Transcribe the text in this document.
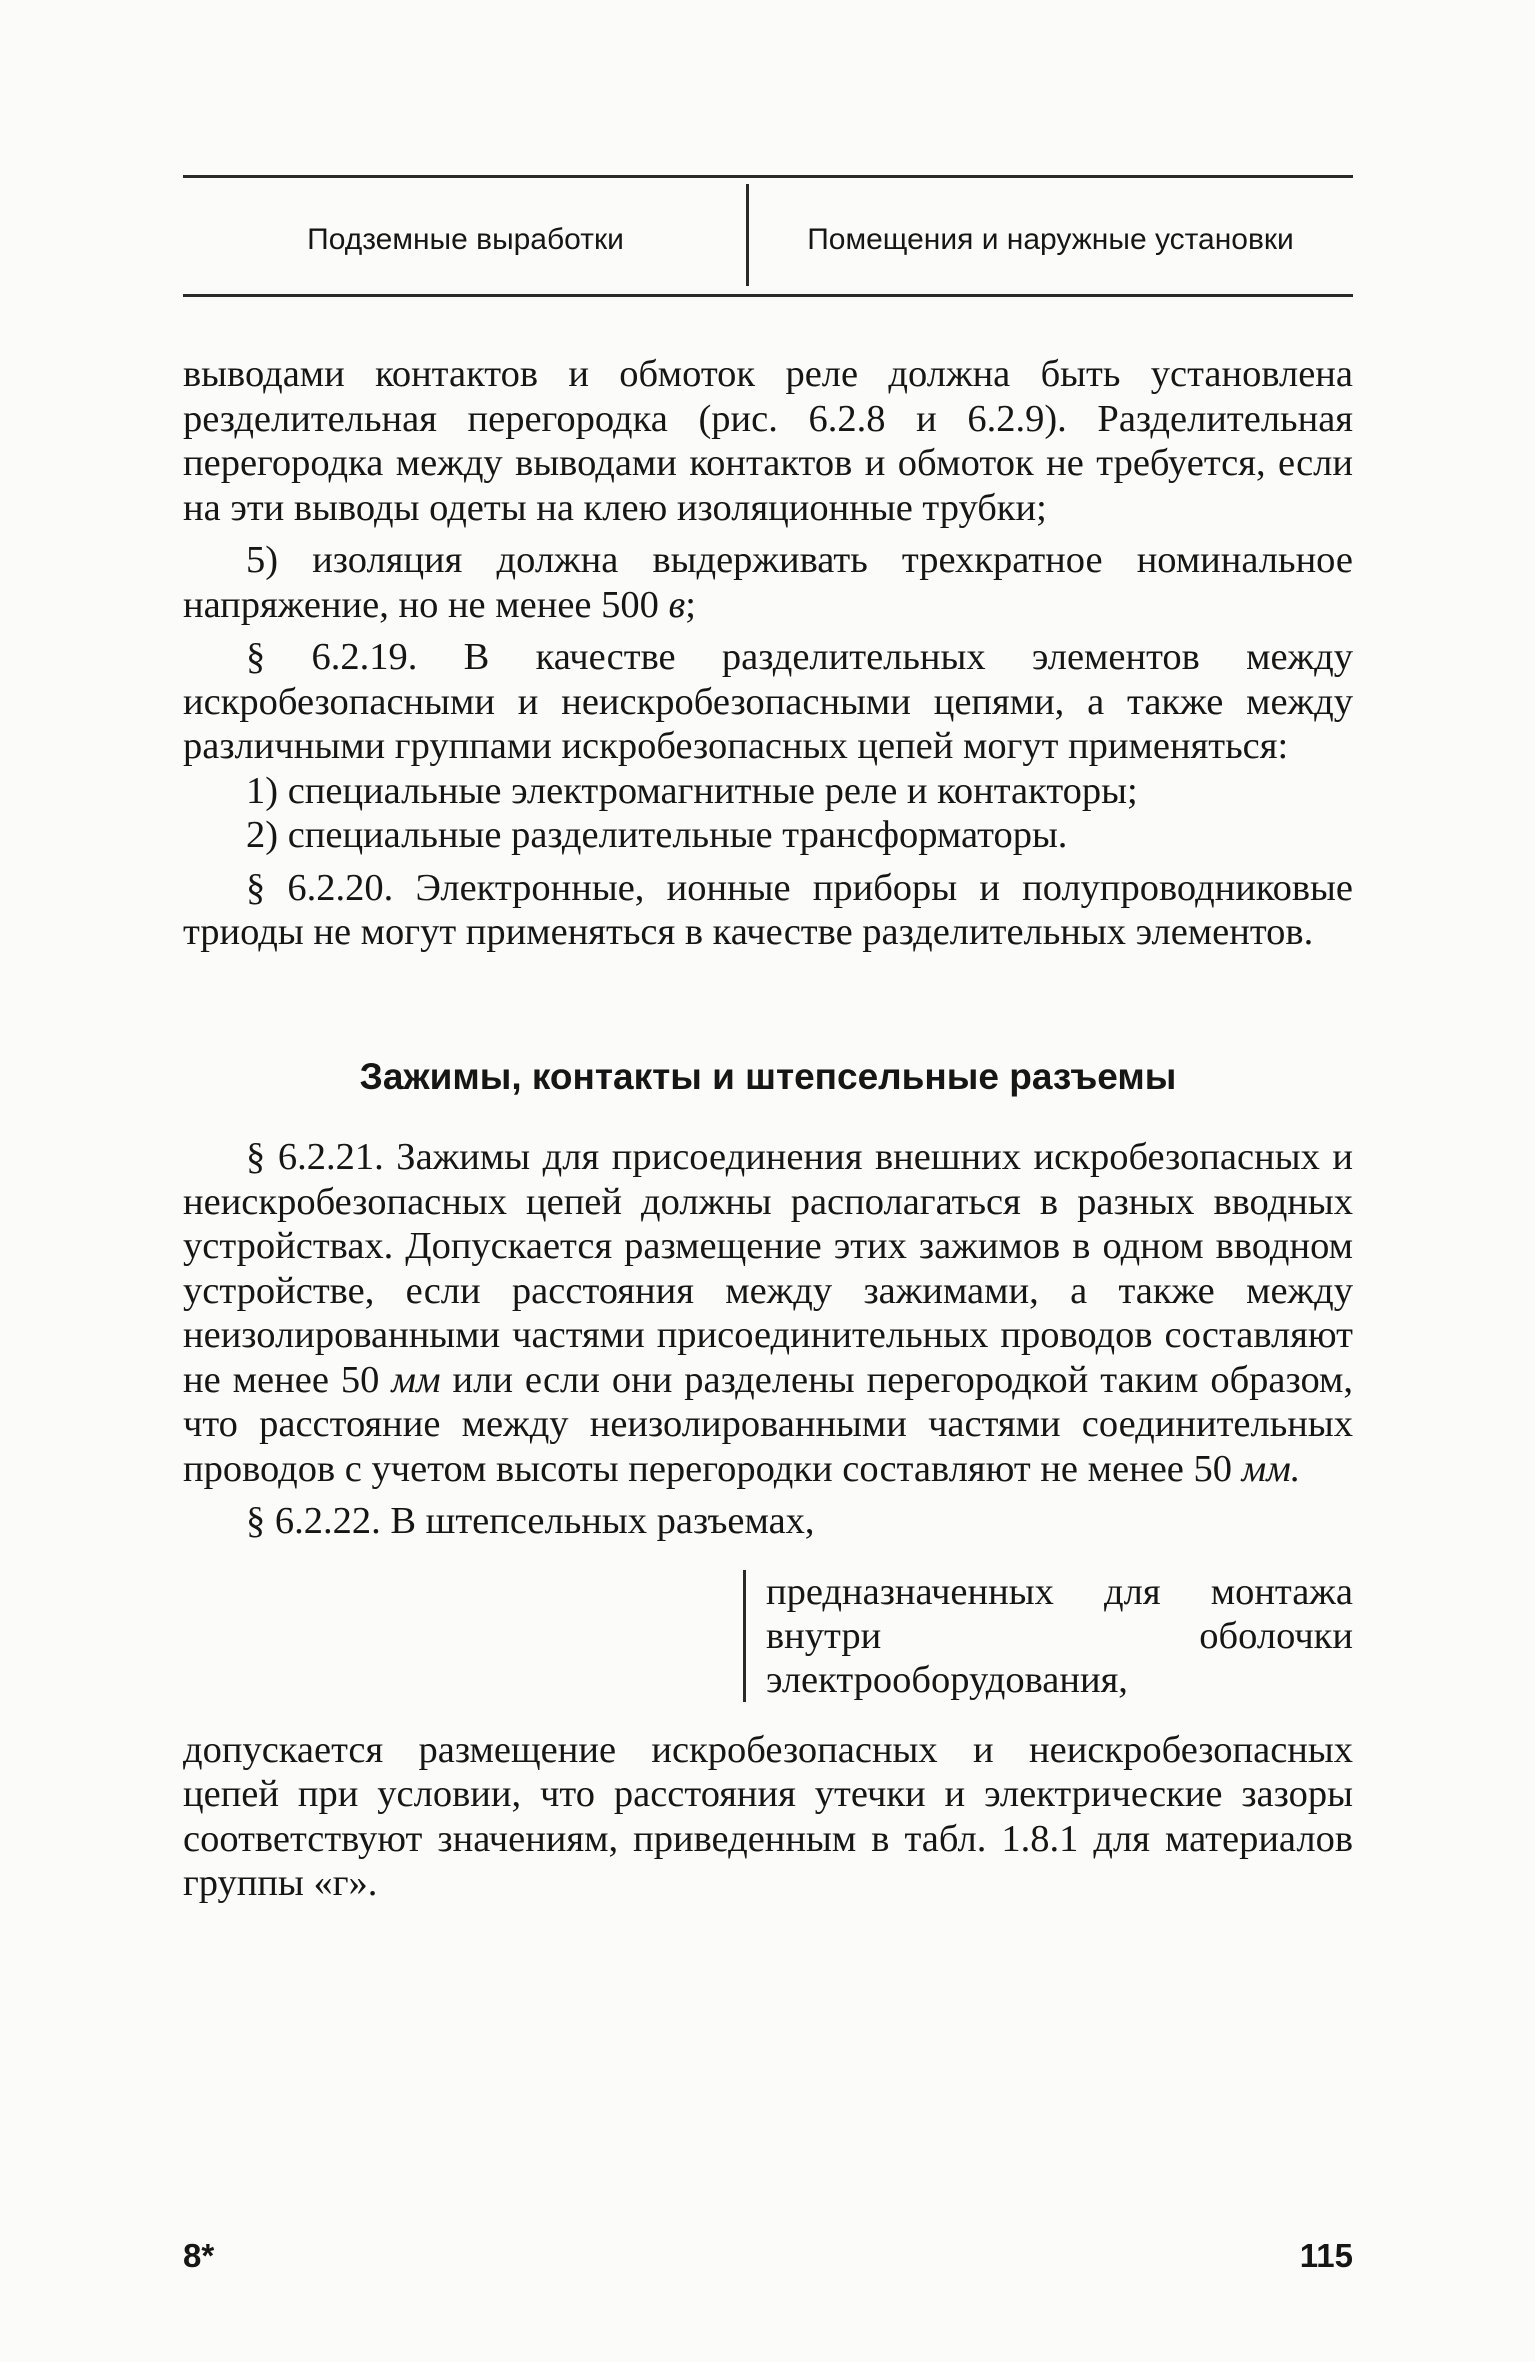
Подземные выработки	Помещения и наружные установки

выводами контактов и обмоток реле должна быть установлена резделительная перегородка (рис. 6.2.8 и 6.2.9). Разделительная перегородка между выводами контактов и обмоток не требуется, если на эти выводы одеты на клею изоляционные трубки;

5) изоляция должна выдерживать трехкратное номинальное напряжение, но не менее 500 в;

§ 6.2.19. В качестве разделительных элементов между искробезопасными и неискробезопасными цепями, а также между различными группами искробезопасных цепей могут применяться:

1) специальные электромагнитные реле и контакторы;

2) специальные разделительные трансформаторы.

§ 6.2.20. Электронные, ионные приборы и полупроводниковые триоды не могут применяться в качестве разделительных элементов.

Зажимы, контакты и штепсельные разъемы

§ 6.2.21. Зажимы для присоединения внешних искробезопасных и неискробезопасных цепей должны располагаться в разных вводных устройствах. Допускается размещение этих зажимов в одном вводном устройстве, если расстояния между зажимами, а также между неизолированными частями присоединительных проводов составляют не менее 50 мм или если они разделены перегородкой таким образом, что расстояние между неизолированными частями соединительных проводов с учетом высоты перегородки составляют не менее 50 мм.

§ 6.2.22. В штепсельных разъемах,

предназначенных для монтажа внутри оболочки электрооборудования,

допускается размещение искробезопасных и неискробезопасных цепей при условии, что расстояния утечки и электрические зазоры соответствуют значениям, приведенным в табл. 1.8.1 для материалов группы «г».

8*	115
